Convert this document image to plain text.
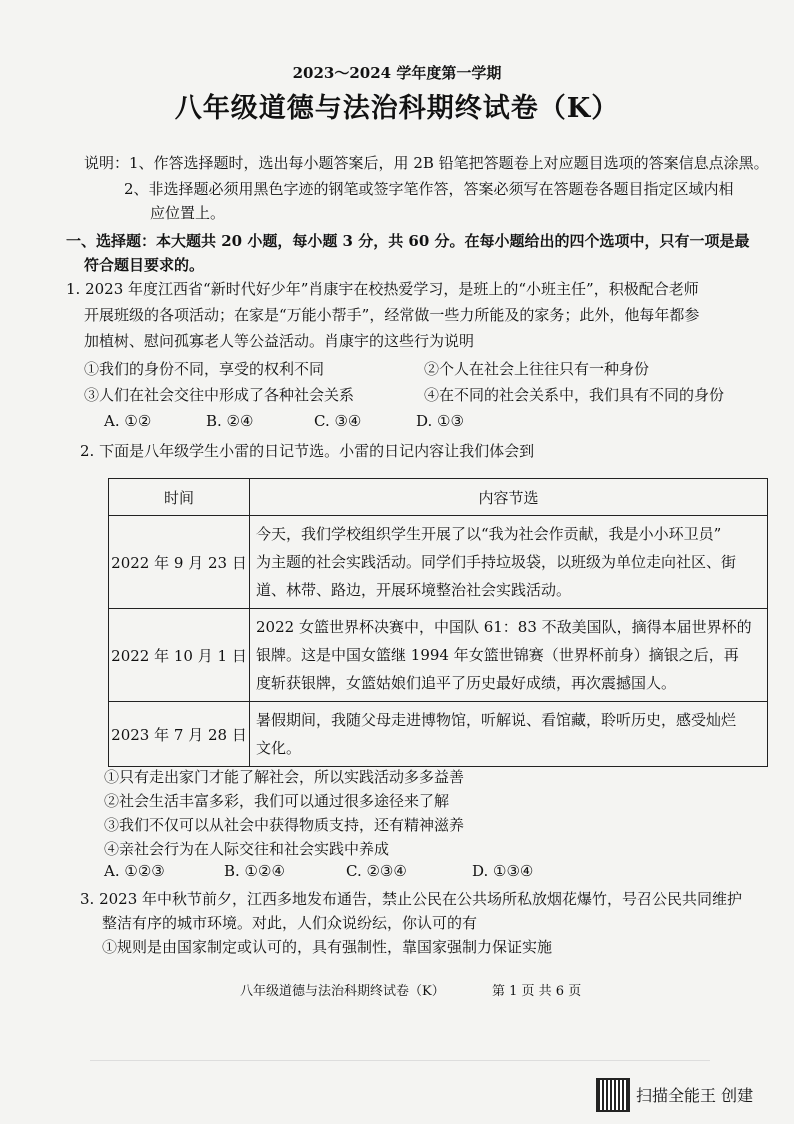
2023～2024 学年度第一学期
八年级道德与法治科期终试卷（K）
说明：1、作答选择题时，选出每小题答案后，用 2B 铅笔把答题卷上对应题目选项的答案信息点涂黑。
2、非选择题必须用黑色字迹的钢笔或签字笔作答，答案必须写在答题卷各题目指定区域内相
应位置上。
一、选择题：本大题共 20 小题，每小题 3 分，共 60 分。在每小题给出的四个选项中，只有一项是最
符合题目要求的。
1. 2023 年度江西省“新时代好少年”肖康宇在校热爱学习，是班上的“小班主任”，积极配合老师
开展班级的各项活动；在家是“万能小帮手”，经常做一些力所能及的家务；此外，他每年都参
加植树、慰问孤寡老人等公益活动。肖康宇的这些行为说明
①我们的身份不同，享受的权利不同	②个人在社会上往往只有一种身份
③人们在社会交往中形成了各种社会关系	④在不同的社会关系中，我们具有不同的身份
A. ①②	B. ②④	C. ③④	D. ①③
2. 下面是八年级学生小雷的日记节选。小雷的日记内容让我们体会到
时间	内容节选
2022 年 9 月 23 日	今天，我们学校组织学生开展了以“我为社会作贡献，我是小小环卫员”
为主题的社会实践活动。同学们手持垃圾袋，以班级为单位走向社区、街
道、林带、路边，开展环境整治社会实践活动。

2022 年 10 月 1 日	2022 女篮世界杯决赛中，中国队 61：83 不敌美国队，摘得本届世界杯的
银牌。这是中国女篮继 1994 年女篮世锦赛（世界杯前身）摘银之后，再
度斩获银牌，女篮姑娘们追平了历史最好成绩，再次震撼国人。

2023 年 7 月 28 日	暑假期间，我随父母走进博物馆，听解说、看馆藏，聆听历史，感受灿烂
文化。
①只有走出家门才能了解社会，所以实践活动多多益善
②社会生活丰富多彩，我们可以通过很多途径来了解
③我们不仅可以从社会中获得物质支持，还有精神滋养
④亲社会行为在人际交往和社会实践中养成
A. ①②③	B. ①②④	C. ②③④	D. ①③④
3. 2023 年中秋节前夕，江西多地发布通告，禁止公民在公共场所私放烟花爆竹，号召公民共同维护
整洁有序的城市环境。对此，人们众说纷纭，你认可的有
①规则是由国家制定或认可的，具有强制性，靠国家强制力保证实施
八年级道德与法治科期终试卷（K）	第 1 页 共 6 页
扫描全能王 创建
